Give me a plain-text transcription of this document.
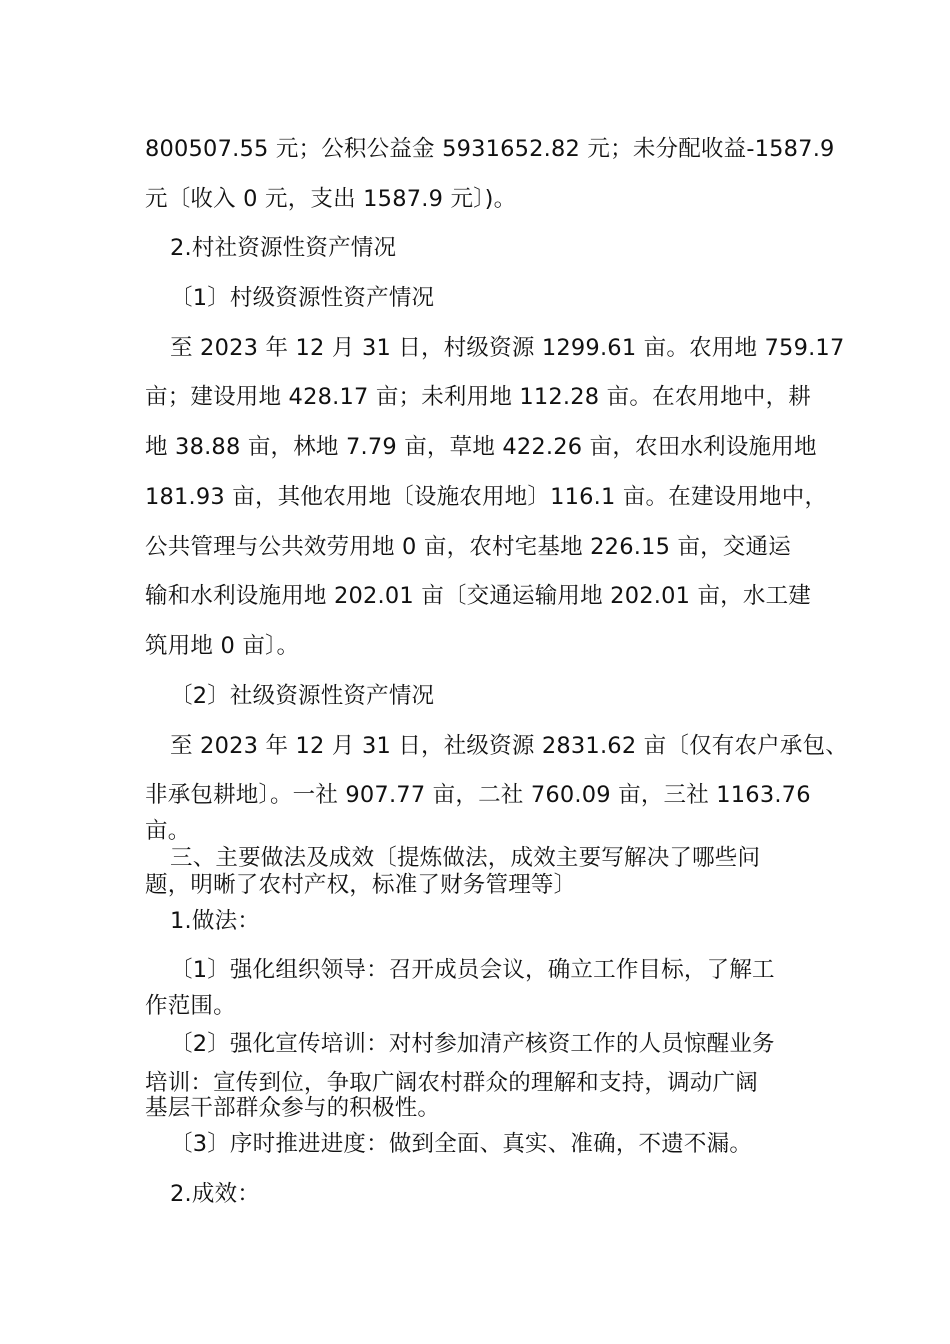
800507.55 元；公积公益金 5931652.82 元；未分配收益-1587.9
元〔收入 0 元，支出 1587.9 元〕)。
2.村社资源性资产情况
〔1〕村级资源性资产情况
至 2023 年 12 月 31 日，村级资源 1299.61 亩。农用地 759.17
亩；建设用地 428.17 亩；未利用地 112.28 亩。在农用地中，耕
地 38.88 亩，林地 7.79 亩，草地 422.26 亩，农田水利设施用地
181.93 亩，其他农用地〔设施农用地〕116.1 亩。在建设用地中，
公共管理与公共效劳用地 0 亩，农村宅基地 226.15 亩，交通运
输和水利设施用地 202.01 亩〔交通运输用地 202.01 亩，水工建
筑用地 0 亩〕。
〔2〕社级资源性资产情况
至 2023 年 12 月 31 日，社级资源 2831.62 亩〔仅有农户承包、
非承包耕地〕。一社 907.77 亩，二社 760.09 亩，三社 1163.76
亩。
三、主要做法及成效〔提炼做法，成效主要写解决了哪些问
题，明晰了农村产权，标准了财务管理等〕
1.做法：
〔1〕强化组织领导：召开成员会议，确立工作目标，了解工
作范围。
〔2〕强化宣传培训：对村参加清产核资工作的人员惊醒业务
培训：宣传到位，争取广阔农村群众的理解和支持，调动广阔
基层干部群众参与的积极性。
〔3〕序时推进进度：做到全面、真实、准确，不遗不漏。
2.成效：
